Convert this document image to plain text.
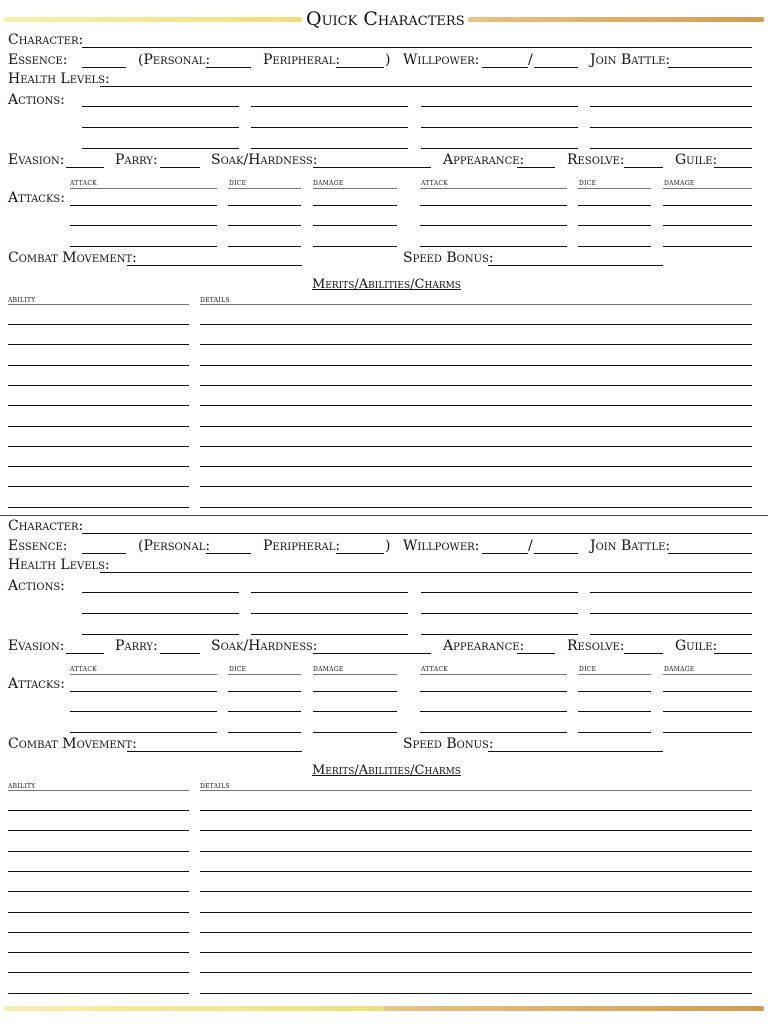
Quick Characters
Character:
Essence:	(Personal:	Peripheral:	) Willpower:	/	Join Battle:
Health Levels:
Actions:
Evasion:	Parry:	Soak/Hardness:	Appearance:	Resolve:	Guile:
attack	dice	damage	attack	dice	damage
Attacks:
Combat Movement:	Speed Bonus:
Merits/Abilities/Charms
ability	details
Character:
Essence:	(Personal:	Peripheral:	) Willpower:	/	Join Battle:
Health Levels:
Actions:
Evasion:	Parry:	Soak/Hardness:	Appearance:	Resolve:	Guile:
attack	dice	damage	attack	dice	damage
Attacks:
Combat Movement:	Speed Bonus:
Merits/Abilities/Charms
ability	details
